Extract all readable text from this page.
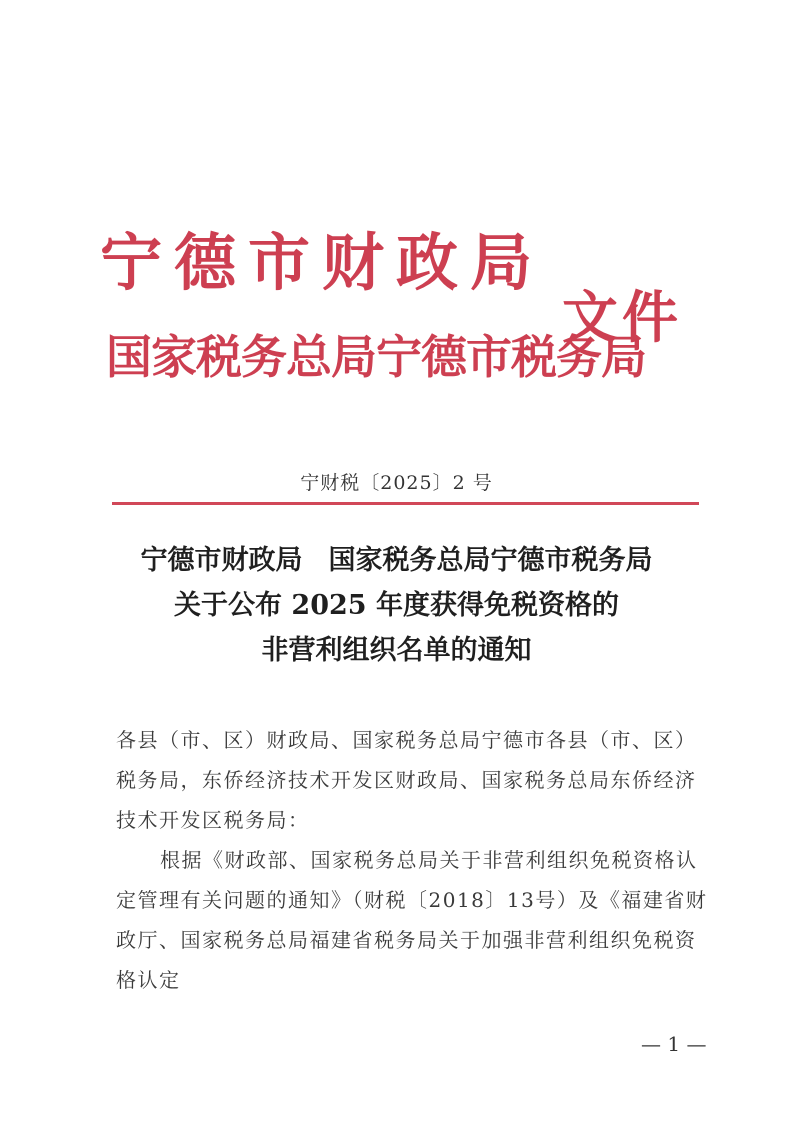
宁德市财政局
国家税务总局宁德市税务局
文件
宁财税〔2025〕2 号
宁德市财政局 国家税务总局宁德市税务局
关于公布 2025 年度获得免税资格的
非营利组织名单的通知
各县（市、区）财政局、国家税务总局宁德市各县（市、区）税务局，东侨经济技术开发区财政局、国家税务总局东侨经济技术开发区税务局：
根据《财政部、国家税务总局关于非营利组织免税资格认定管理有关问题的通知》（财税〔2018〕13号）及《福建省财政厅、国家税务总局福建省税务局关于加强非营利组织免税资格认定
— 1 —
